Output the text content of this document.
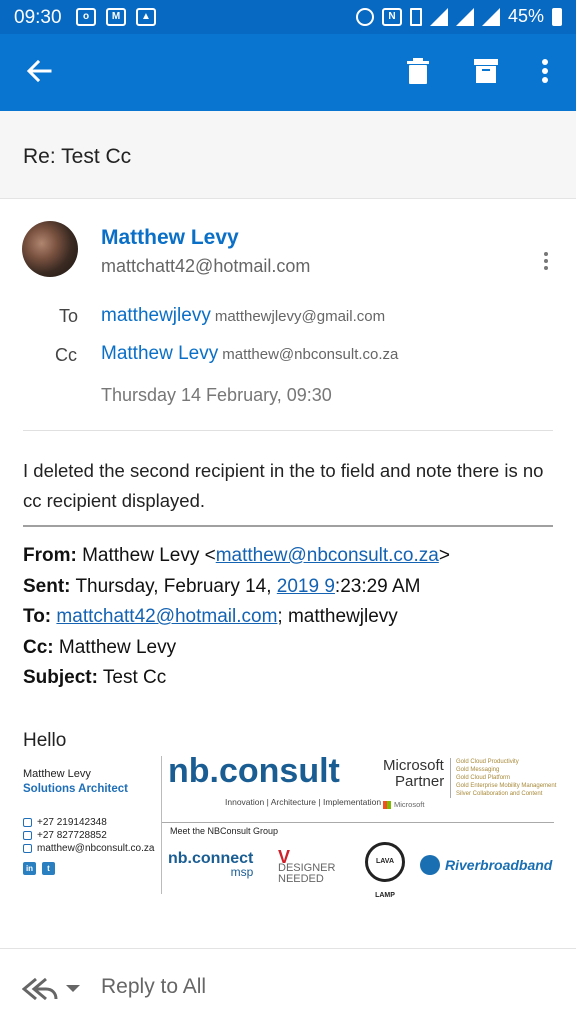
09:30	o	M	▲	N	45%
Re: Test Cc
Matthew Levy
mattchatt42@hotmail.com
To matthewjlevy matthewjlevy@gmail.com
Cc Matthew Levy matthew@nbconsult.co.za
Thursday 14 February, 09:30
I deleted the second recipient in the to field and note there is no cc recipient displayed.
From: Matthew Levy <matthew@nbconsult.co.za>
Sent: Thursday, February 14, 2019 9:23:29 AM
To: mattchatt42@hotmail.com; matthewjlevy
Cc: Matthew Levy
Subject: Test Cc
Hello
Matthew Levy
Solutions Architect
+27 219142348
+27 827728852
matthew@nbconsult.co.za
in	t
nb.consult
Innovation | Architecture | Implementation
Microsoft
Partner
Microsoft
Gold Cloud Productivity
Gold Messaging
Gold Cloud Platform
Gold Enterprise Mobility Management
Silver Collaboration and Content
Meet the NBConsult Group
nb.connect
msp
V
DESIGNER
NEEDED
LAVA LAMP
Riverbroadband
Reply to All
